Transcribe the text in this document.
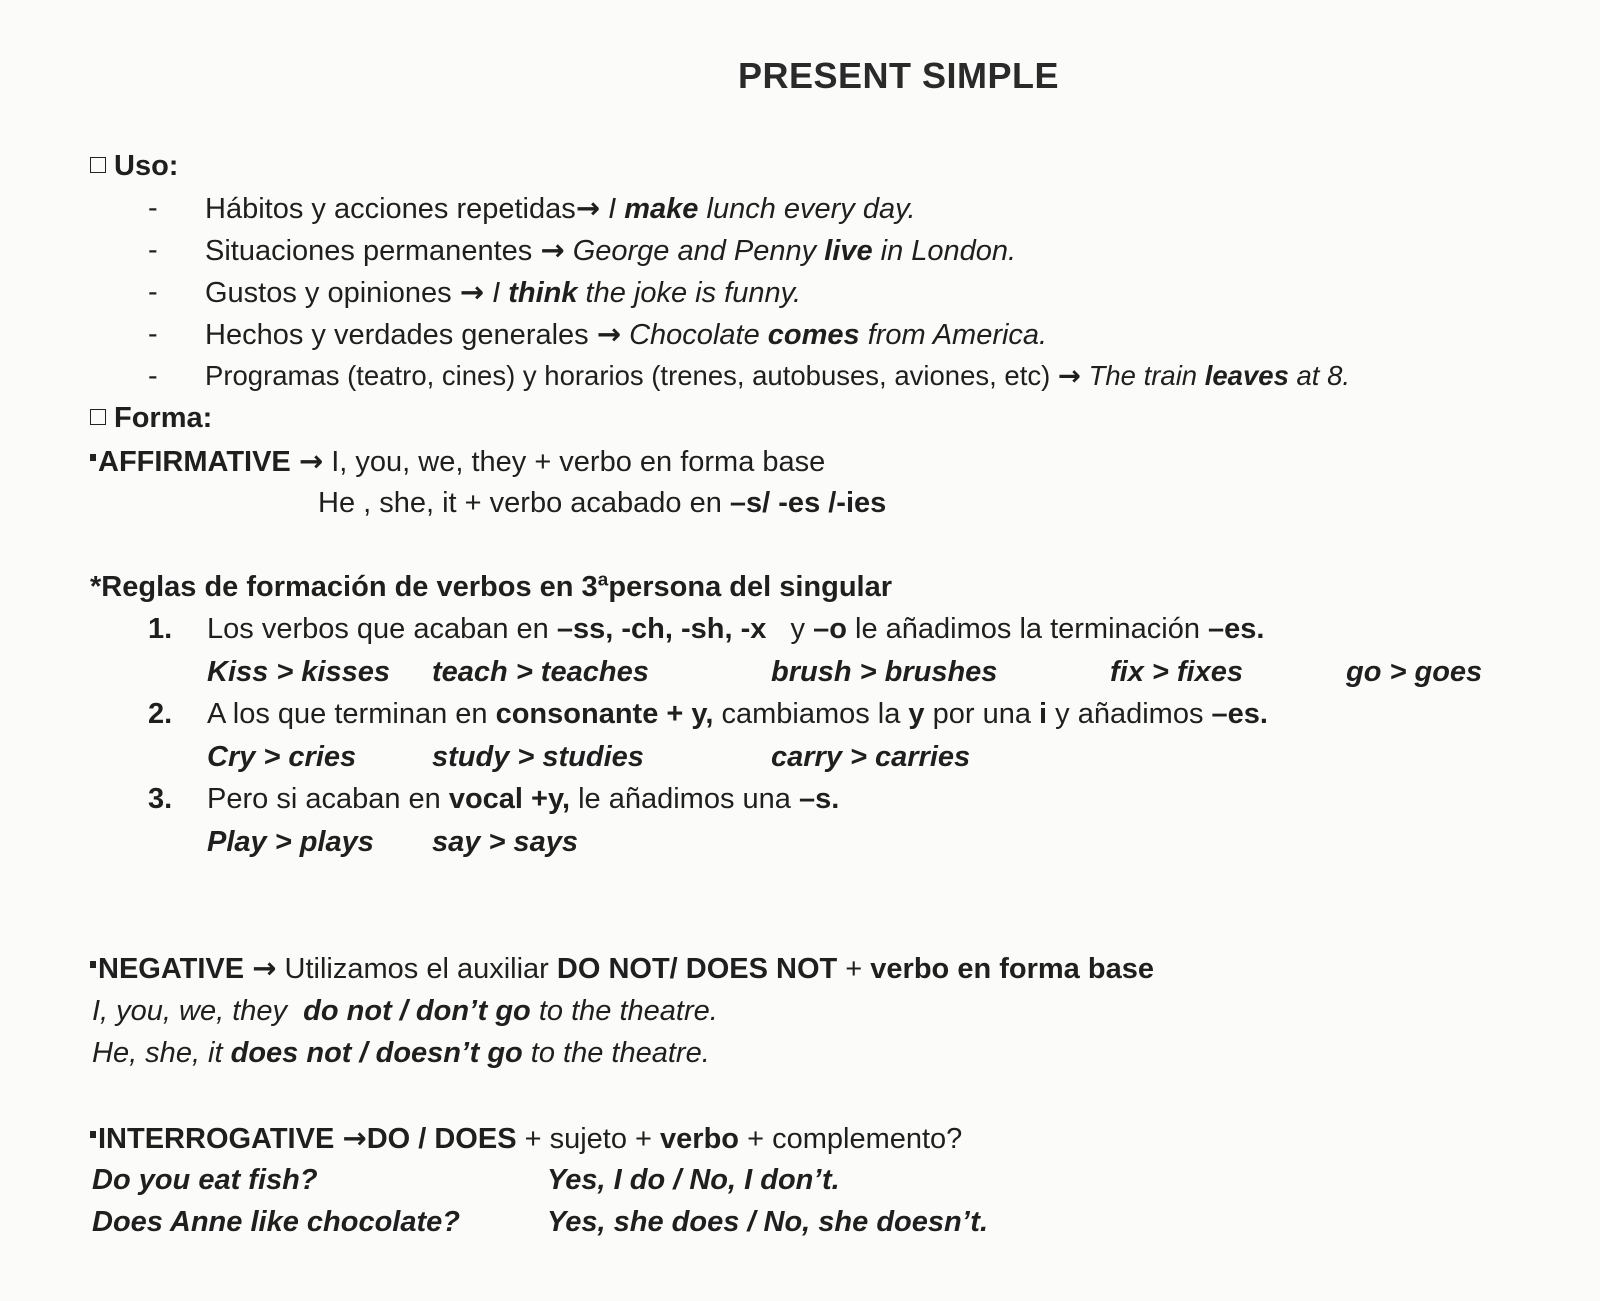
PRESENT SIMPLE
Uso:
- Hábitos y acciones repetidas→ I make lunch every day.
- Situaciones permanentes → George and Penny live in London.
- Gustos y opiniones → I think the joke is funny.
- Hechos y verdades generales → Chocolate comes from America.
- Programas (teatro, cines) y horarios (trenes, autobuses, aviones, etc) → The train leaves at 8.
Forma:
AFFIRMATIVE → I, you, we, they + verbo en forma base
He , she, it + verbo acabado en –s/ -es /-ies
*Reglas de formación de verbos en 3ªpersona del singular
1. Los verbos que acaban en –ss, -ch, -sh, -x   y –o le añadimos la terminación –es.
Kiss > kisses teach > teaches	brush > brushes	fix > fixes	go > goes
2. A los que terminan en consonante + y, cambiamos la y por una i y añadimos –es.
Cry > cries	study > studies	carry > carries
3. Pero si acaban en vocal +y, le añadimos una –s.
Play > plays say > says
NEGATIVE → Utilizamos el auxiliar DO NOT/ DOES NOT + verbo en forma base
I, you, we, they  do not / don’t go to the theatre.
He, she, it does not / doesn’t go to the theatre.
INTERROGATIVE →DO / DOES + sujeto + verbo + complemento?
Do you eat fish?	Yes, I do / No, I don’t.
Does Anne like chocolate?	Yes, she does / No, she doesn’t.
